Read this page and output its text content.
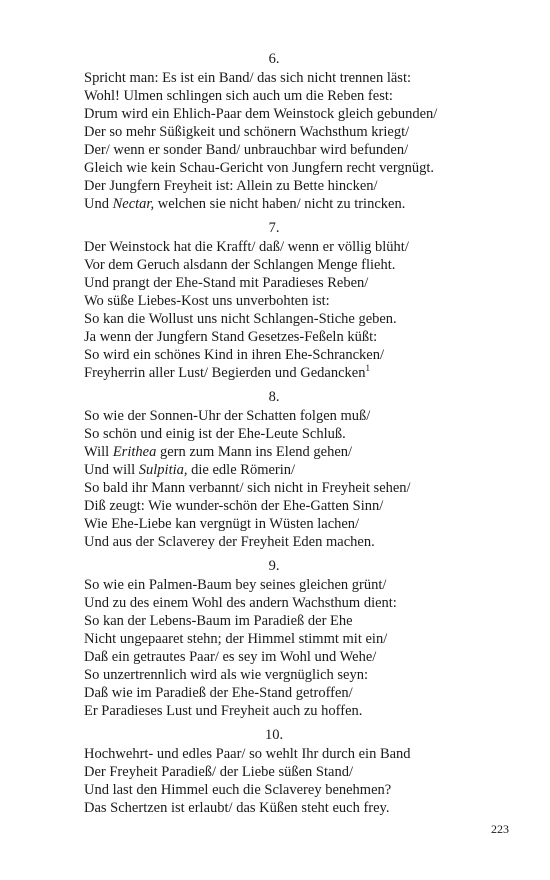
6.
Spricht man: Es ist ein Band/ das sich nicht trennen läst:
Wohl! Ulmen schlingen sich auch um die Reben fest:
Drum wird ein Ehlich-Paar dem Weinstock gleich gebunden/
Der so mehr Süßigkeit und schönern Wachsthum kriegt/
Der/ wenn er sonder Band/ unbrauchbar wird befunden/
Gleich wie kein Schau-Gericht von Jungfern recht vergnügt.
Der Jungfern Freyheit ist: Allein zu Bette hincken/
Und Nectar, welchen sie nicht haben/ nicht zu trincken.
7.
Der Weinstock hat die Krafft/ daß/ wenn er völlig blüht/
Vor dem Geruch alsdann der Schlangen Menge flieht.
Und prangt der Ehe-Stand mit Paradieses Reben/
Wo süße Liebes-Kost uns unverbohten ist:
So kan die Wollust uns nicht Schlangen-Stiche geben.
Ja wenn der Jungfern Stand Gesetzes-Feßeln küßt:
So wird ein schönes Kind in ihren Ehe-Schrancken/
Freyherrin aller Lust/ Begierden und Gedancken$^1$
8.
So wie der Sonnen-Uhr der Schatten folgen muß/
So schön und einig ist der Ehe-Leute Schluß.
Will Erithea gern zum Mann ins Elend gehen/
Und will Sulpitia, die edle Römerin/
So bald ihr Mann verbannt/ sich nicht in Freyheit sehen/
Diß zeugt: Wie wunder-schön der Ehe-Gatten Sinn/
Wie Ehe-Liebe kan vergnügt in Wüsten lachen/
Und aus der Sclaverey der Freyheit Eden machen.
9.
So wie ein Palmen-Baum bey seines gleichen grünt/
Und zu des einem Wohl des andern Wachsthum dient:
So kan der Lebens-Baum im Paradieß der Ehe
Nicht ungepaaret stehn; der Himmel stimmt mit ein/
Daß ein getrautes Paar/ es sey im Wohl und Wehe/
So unzertrennlich wird als wie vergnüglich seyn:
Daß wie im Paradieß der Ehe-Stand getroffen/
Er Paradieses Lust und Freyheit auch zu hoffen.
10.
Hochwehrt- und edles Paar/ so wehlt Ihr durch ein Band
Der Freyheit Paradieß/ der Liebe süßen Stand/
Und last den Himmel euch die Sclaverey benehmen?
Das Schertzen ist erlaubt/ das Küßen steht euch frey.
223
